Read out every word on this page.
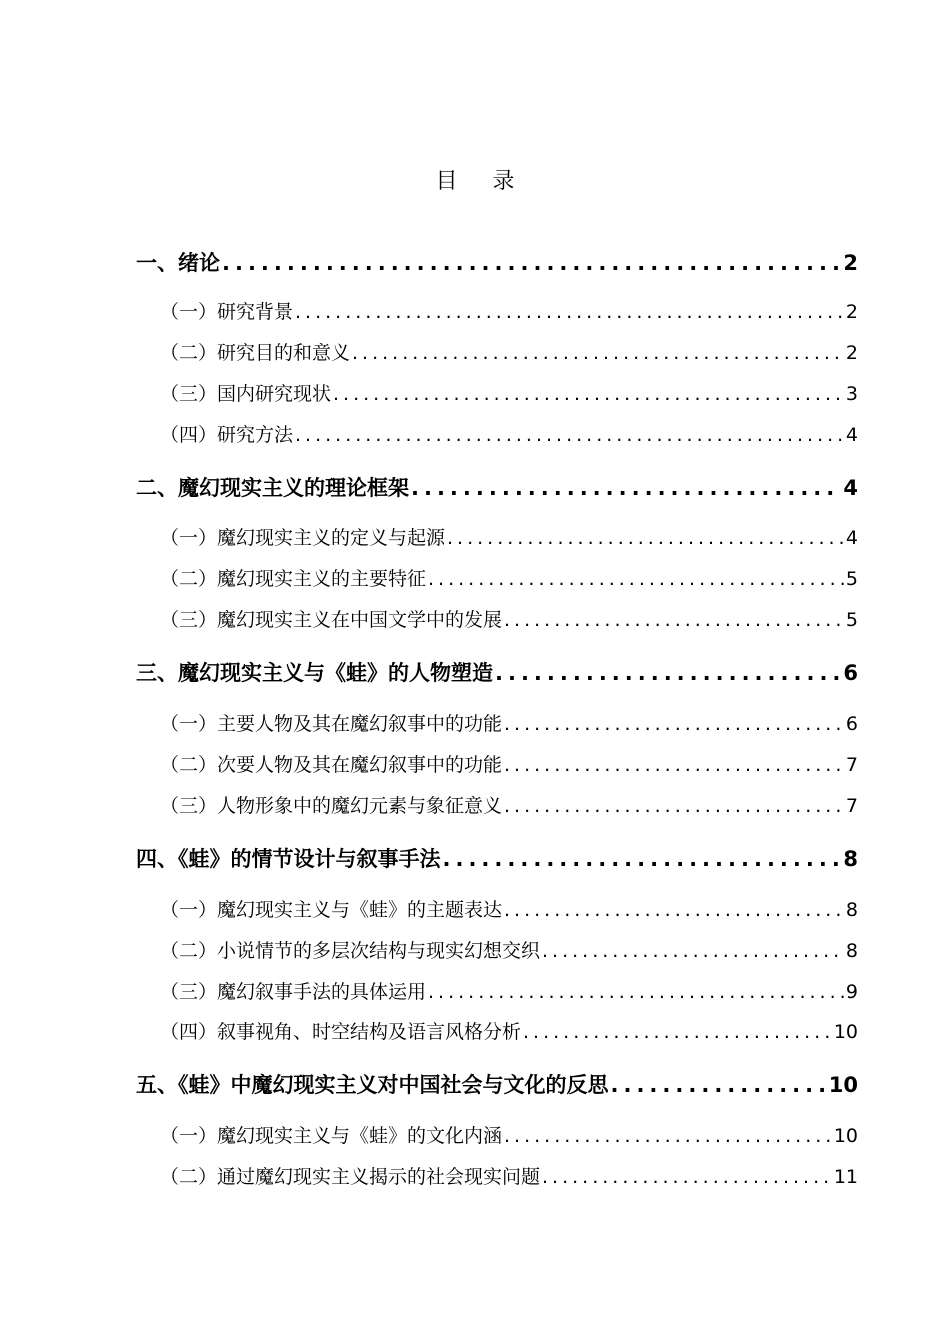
目 录
一、绪论 .....	2
（一）研究背景 .....	2
（二）研究目的和意义 .....	2
（三）国内研究现状 .....	3
（四）研究方法 .....	4
二、魔幻现实主义的理论框架 .....	4
（一）魔幻现实主义的定义与起源 .....	4
（二）魔幻现实主义的主要特征 .....	5
（三）魔幻现实主义在中国文学中的发展 .....	5
三、魔幻现实主义与《蛙》的人物塑造 .....	6
（一）主要人物及其在魔幻叙事中的功能 .....	6
（二）次要人物及其在魔幻叙事中的功能 .....	7
（三）人物形象中的魔幻元素与象征意义 .....	7
四、《蛙》的情节设计与叙事手法 .....	8
（一）魔幻现实主义与《蛙》的主题表达 .....	8
（二）小说情节的多层次结构与现实幻想交织 .....	8
（三）魔幻叙事手法的具体运用 .....	9
（四）叙事视角、时空结构及语言风格分析 .....	10
五、《蛙》中魔幻现实主义对中国社会与文化的反思 .....	10
（一）魔幻现实主义与《蛙》的文化内涵 .....	10
（二）通过魔幻现实主义揭示的社会现实问题 .....	11
